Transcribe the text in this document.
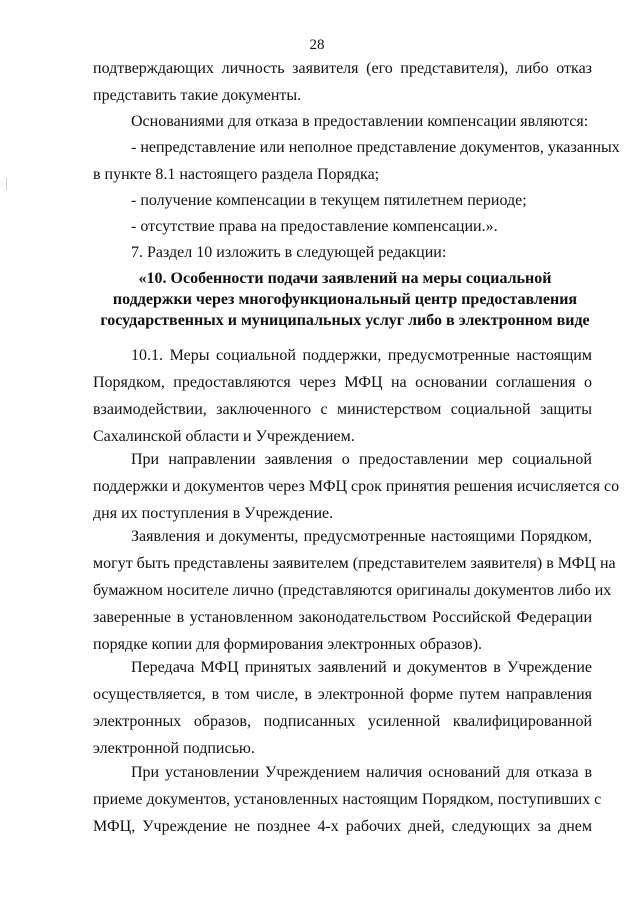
28

подтверждающих личность заявителя (его представителя), либо отказ
представить такие документы.

Основаниями для отказа в предоставлении компенсации являются:

- непредставление или неполное представление документов, указанных
в пункте 8.1 настоящего раздела Порядка;

- получение компенсации в текущем пятилетнем периоде;

- отсутствие права на предоставление компенсации.».

7. Раздел 10 изложить в следующей редакции:

«10. Особенности подачи заявлений на меры социальной
поддержки через многофункциональный центр предоставления
государственных и муниципальных услуг либо в электронном виде

10.1. Меры социальной поддержки, предусмотренные настоящим
Порядком, предоставляются через МФЦ на основании соглашения о
взаимодействии, заключенного с министерством социальной защиты
Сахалинской области и Учреждением.

При направлении заявления о предоставлении мер социальной
поддержки и документов через МФЦ срок принятия решения исчисляется со
дня их поступления в Учреждение.

Заявления и документы, предусмотренные настоящими Порядком,
могут быть представлены заявителем (представителем заявителя) в МФЦ на
бумажном носителе лично (представляются оригиналы документов либо их
заверенные в установленном законодательством Российской Федерации
порядке копии для формирования электронных образов).

Передача МФЦ принятых заявлений и документов в Учреждение
осуществляется, в том числе, в электронной форме путем направления
электронных образов, подписанных усиленной квалифицированной
электронной подписью.

При установлении Учреждением наличия оснований для отказа в
приеме документов, установленных настоящим Порядком, поступивших с
МФЦ, Учреждение не позднее 4-х рабочих дней, следующих за днем
